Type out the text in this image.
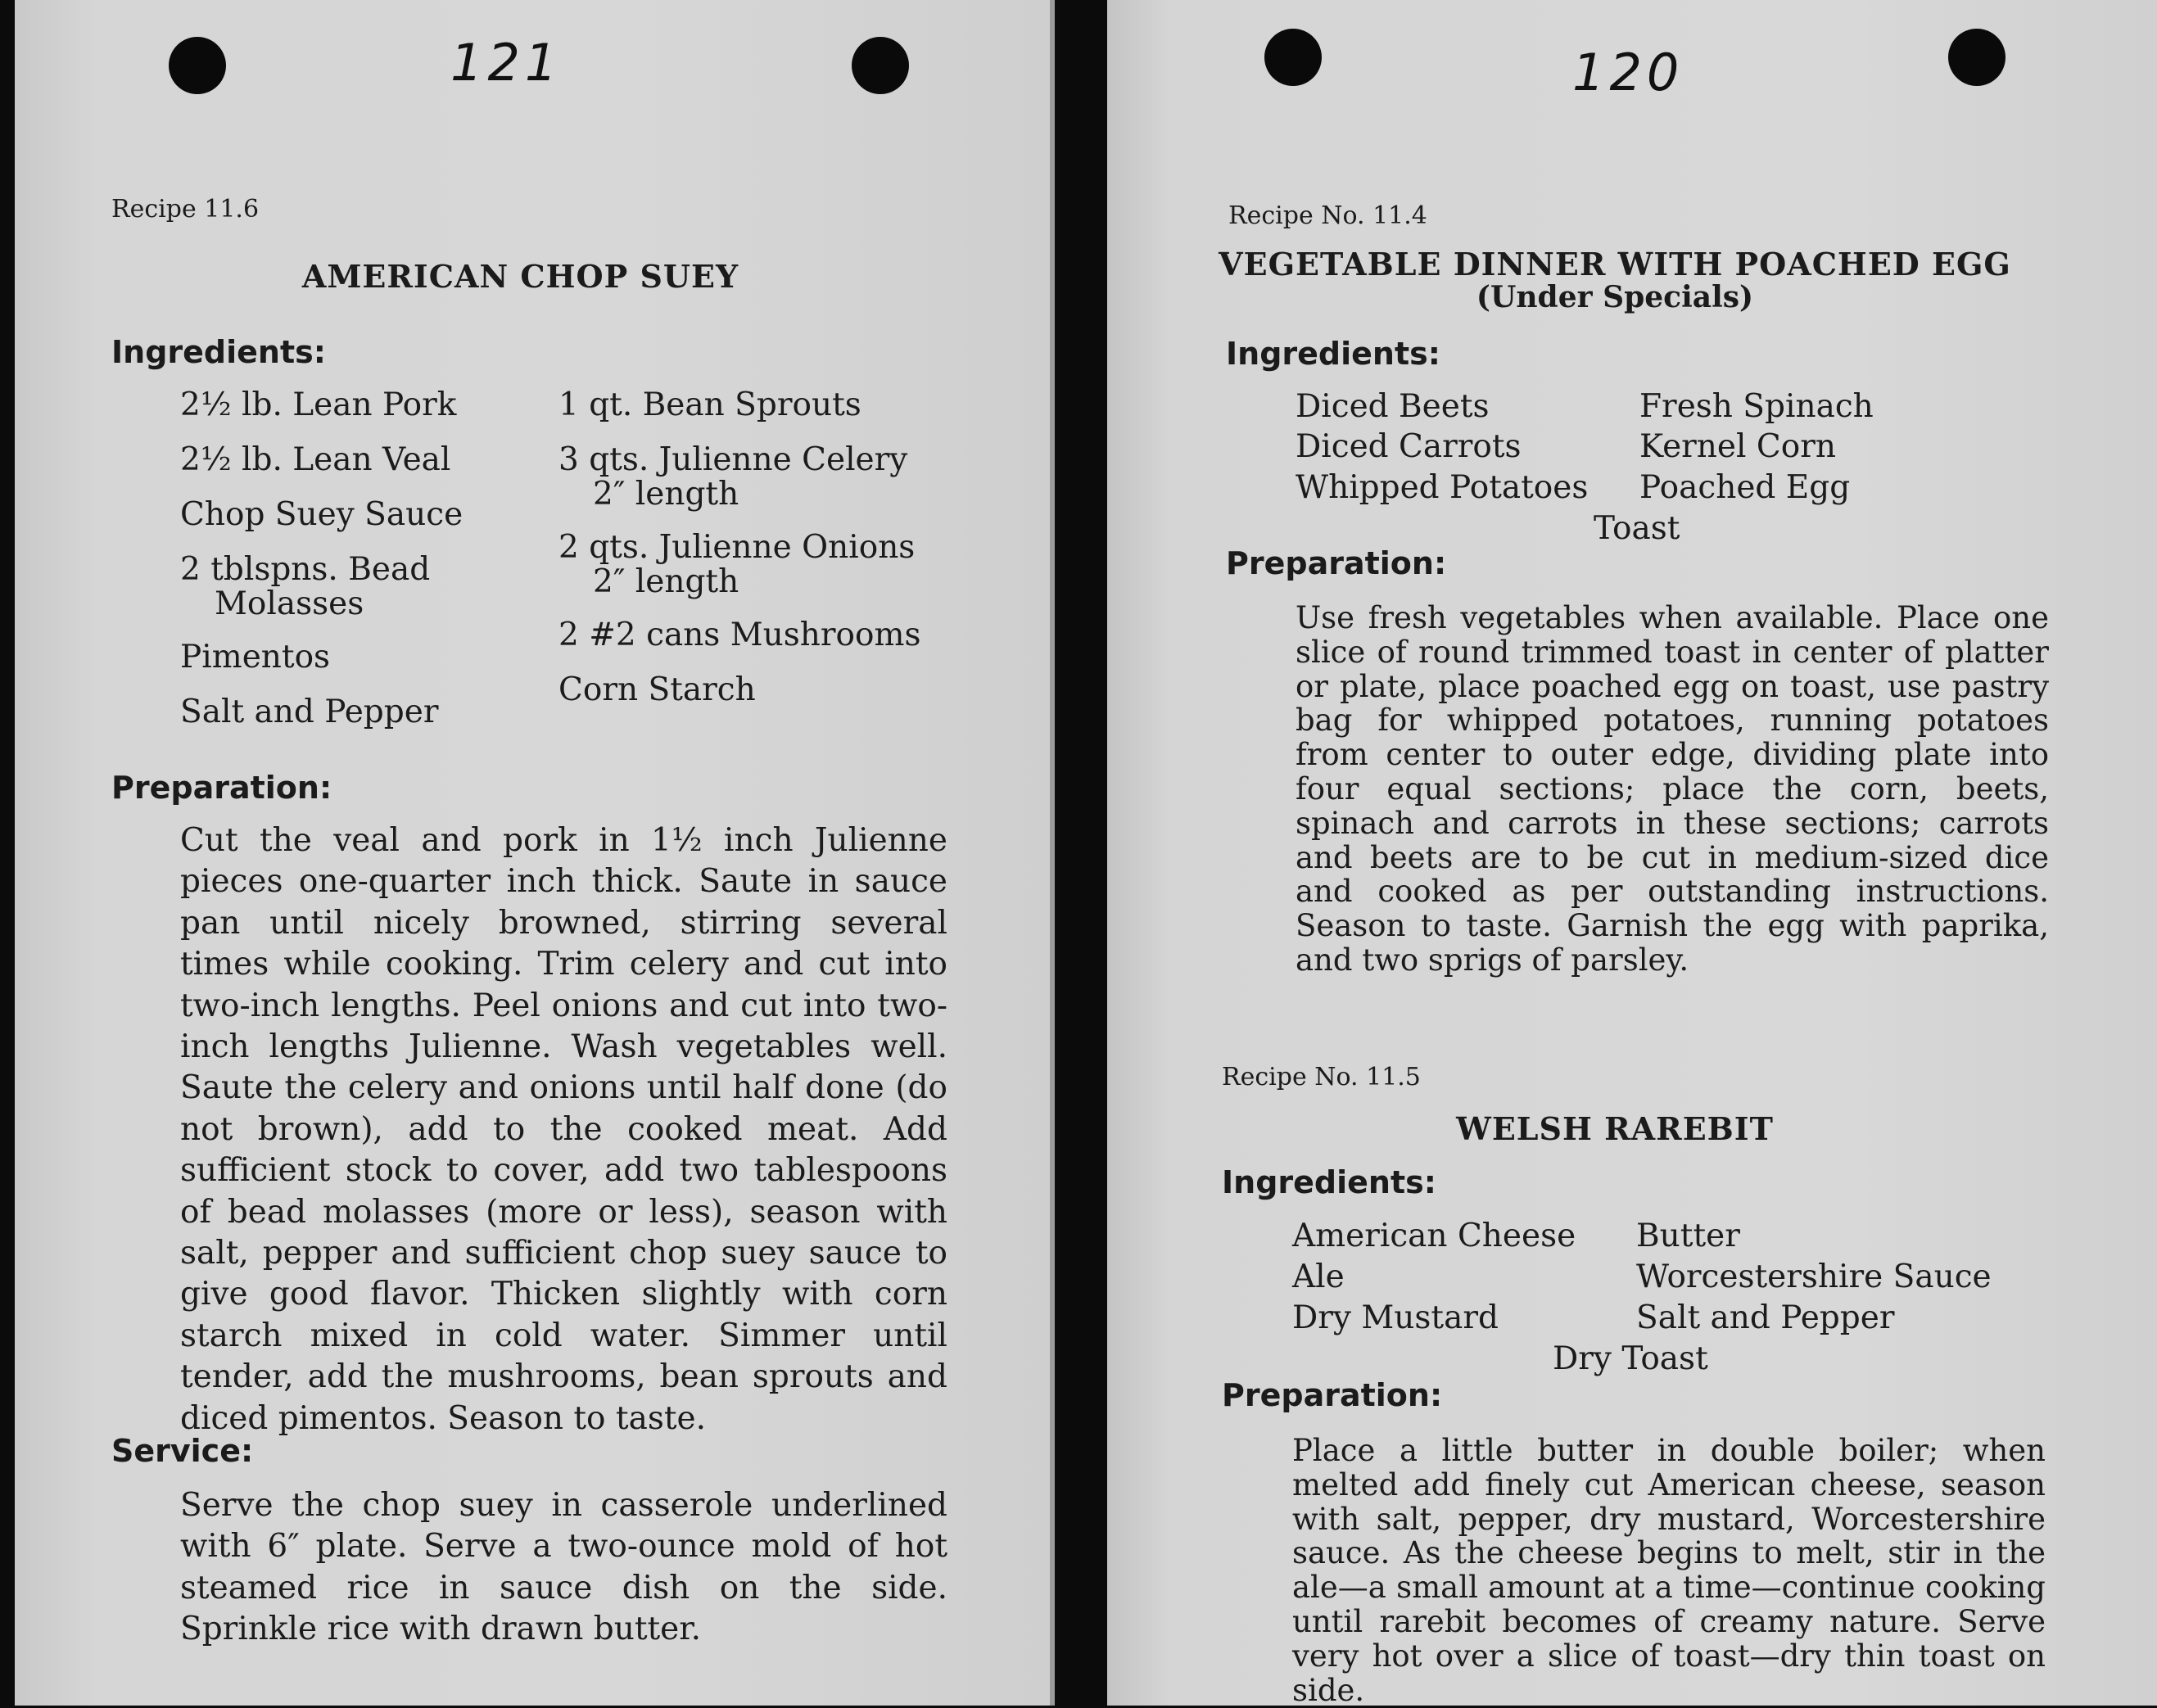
121
Recipe 11.6
AMERICAN CHOP SUEY
Ingredients:
2½ lb. Lean Pork
2½ lb. Lean Veal
Chop Suey Sauce
2 tblspns. Bead
Molasses
Pimentos
Salt and Pepper
1 qt. Bean Sprouts
3 qts. Julienne Celery
2″ length
2 qts. Julienne Onions
2″ length
2 #2 cans Mushrooms
Corn Starch
Preparation:
Cut the veal and pork in 1½ inch Julienne pieces one-quarter inch thick. Saute in sauce pan until nicely browned, stirring several times while cooking. Trim celery and cut into two-inch lengths. Peel onions and cut into two-inch lengths Julienne. Wash vegetables well. Saute the celery and onions until half done (do not brown), add to the cooked meat. Add sufficient stock to cover, add two tablespoons of bead molasses (more or less), season with salt, pepper and sufficient chop suey sauce to give good flavor. Thicken slightly with corn starch mixed in cold water. Simmer until tender, add the mushrooms, bean sprouts and diced pimentos. Season to taste.
Service:
Serve the chop suey in casserole underlined with 6″ plate. Serve a two-ounce mold of hot steamed rice in sauce dish on the side. Sprinkle rice with drawn butter.
120
Recipe No. 11.4
VEGETABLE DINNER WITH POACHED EGG
(Under Specials)
Ingredients:
Diced Beets
Diced Carrots
Whipped Potatoes
Fresh Spinach
Kernel Corn
Poached Egg
Toast
Preparation:
Use fresh vegetables when available. Place one slice of round trimmed toast in center of platter or plate, place poached egg on toast, use pastry bag for whipped potatoes, running potatoes from center to outer edge, dividing plate into four equal sections; place the corn, beets, spinach and carrots in these sections; carrots and beets are to be cut in medium-sized dice and cooked as per outstanding instructions. Season to taste. Garnish the egg with paprika, and two sprigs of parsley.
Recipe No. 11.5
WELSH RAREBIT
Ingredients:
American Cheese
Ale
Dry Mustard
Butter
Worcestershire Sauce
Salt and Pepper
Dry Toast
Preparation:
Place a little butter in double boiler; when melted add finely cut American cheese, season with salt, pepper, dry mustard, Worcestershire sauce. As the cheese begins to melt, stir in the ale—a small amount at a time—continue cooking until rarebit becomes of creamy nature. Serve very hot over a slice of toast—dry thin toast on side.
